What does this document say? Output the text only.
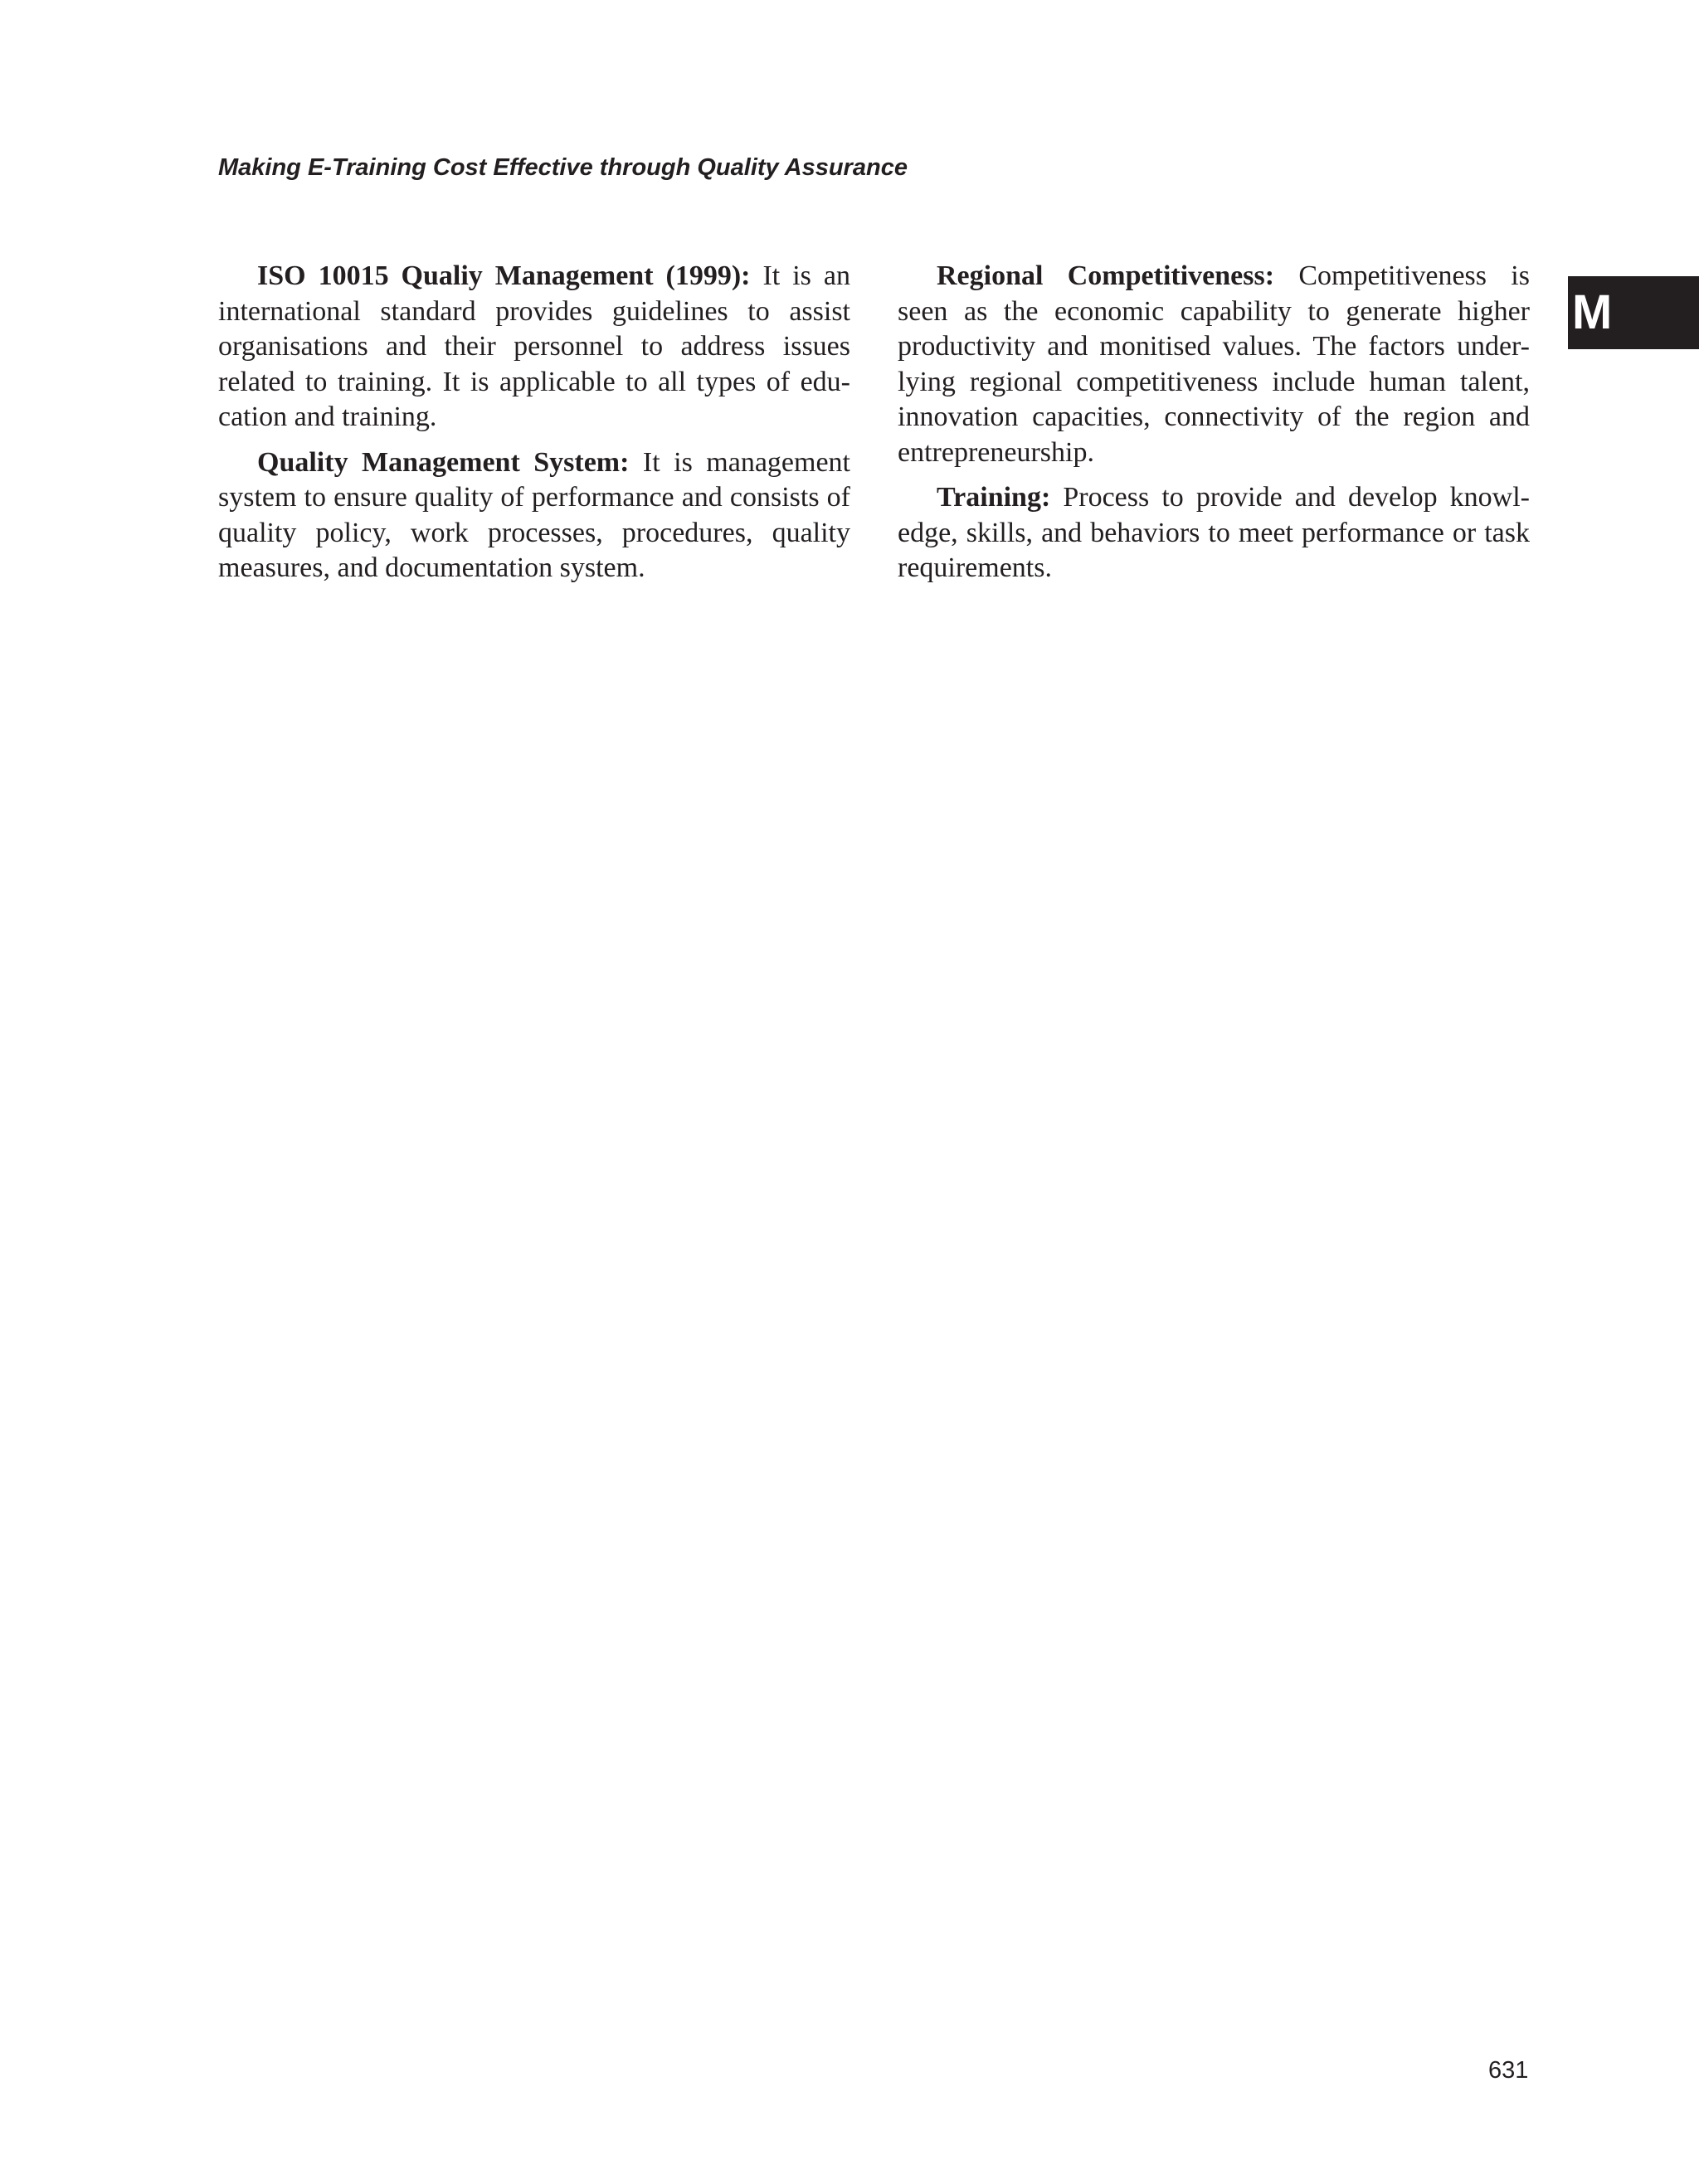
Making E-Training Cost Effective through Quality Assurance
M

ISO 10015 Qualiy Management (1999): It is an international standard provides guidelines to assist organisations and their personnel to address issues related to training. It is applicable to all types of edu-cation and training.

Quality Management System: It is management system to ensure quality of performance and consists of quality policy, work processes, procedures, quality measures, and documentation system.

Regional Competitiveness: Competitiveness is seen as the economic capability to generate higher productivity and monitised values. The factors under-lying regional competitiveness include human talent, innovation capacities, connectivity of the region and entrepreneurship.

Training: Process to provide and develop knowl-edge, skills, and behaviors to meet performance or task requirements.

631
